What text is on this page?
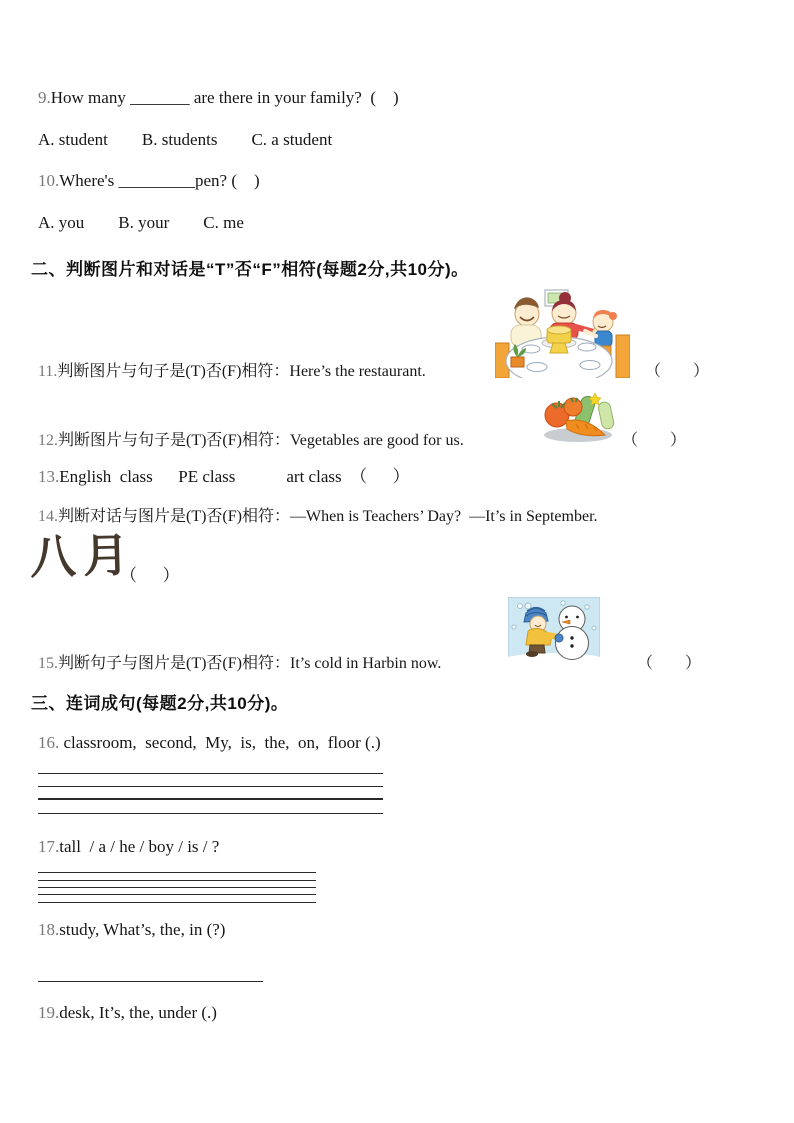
9.How many _______ are there in your family?  (    )
A. student        B. students        C. a student
10.Where's _________pen? (    )
A. you        B. your        C. me
二、判断图片和对话是“T”否“F”相符(每题2分,共10分)。
11.判断图片与句子是(T)否(F)相符：Here’s the restaurant.	（        ）
12.判断图片与句子是(T)否(F)相符：Vegetables are good for us.	（        ）
13.English  class      PE class            art class  （      ）
14.判断对话与图片是(T)否(F)相符：—When is Teachers’ Day?  —It’s in September.
八月
（      ）
15.判断句子与图片是(T)否(F)相符：It’s cold in Harbin now.	（        ）
三、连词成句(每题2分,共10分)。
16. classroom,  second,  My,  is,  the,  on,  floor (.)
17.tall  / a / he / boy / is / ?
18.study, What’s, the, in (?)
19.desk, It’s, the, under (.)
